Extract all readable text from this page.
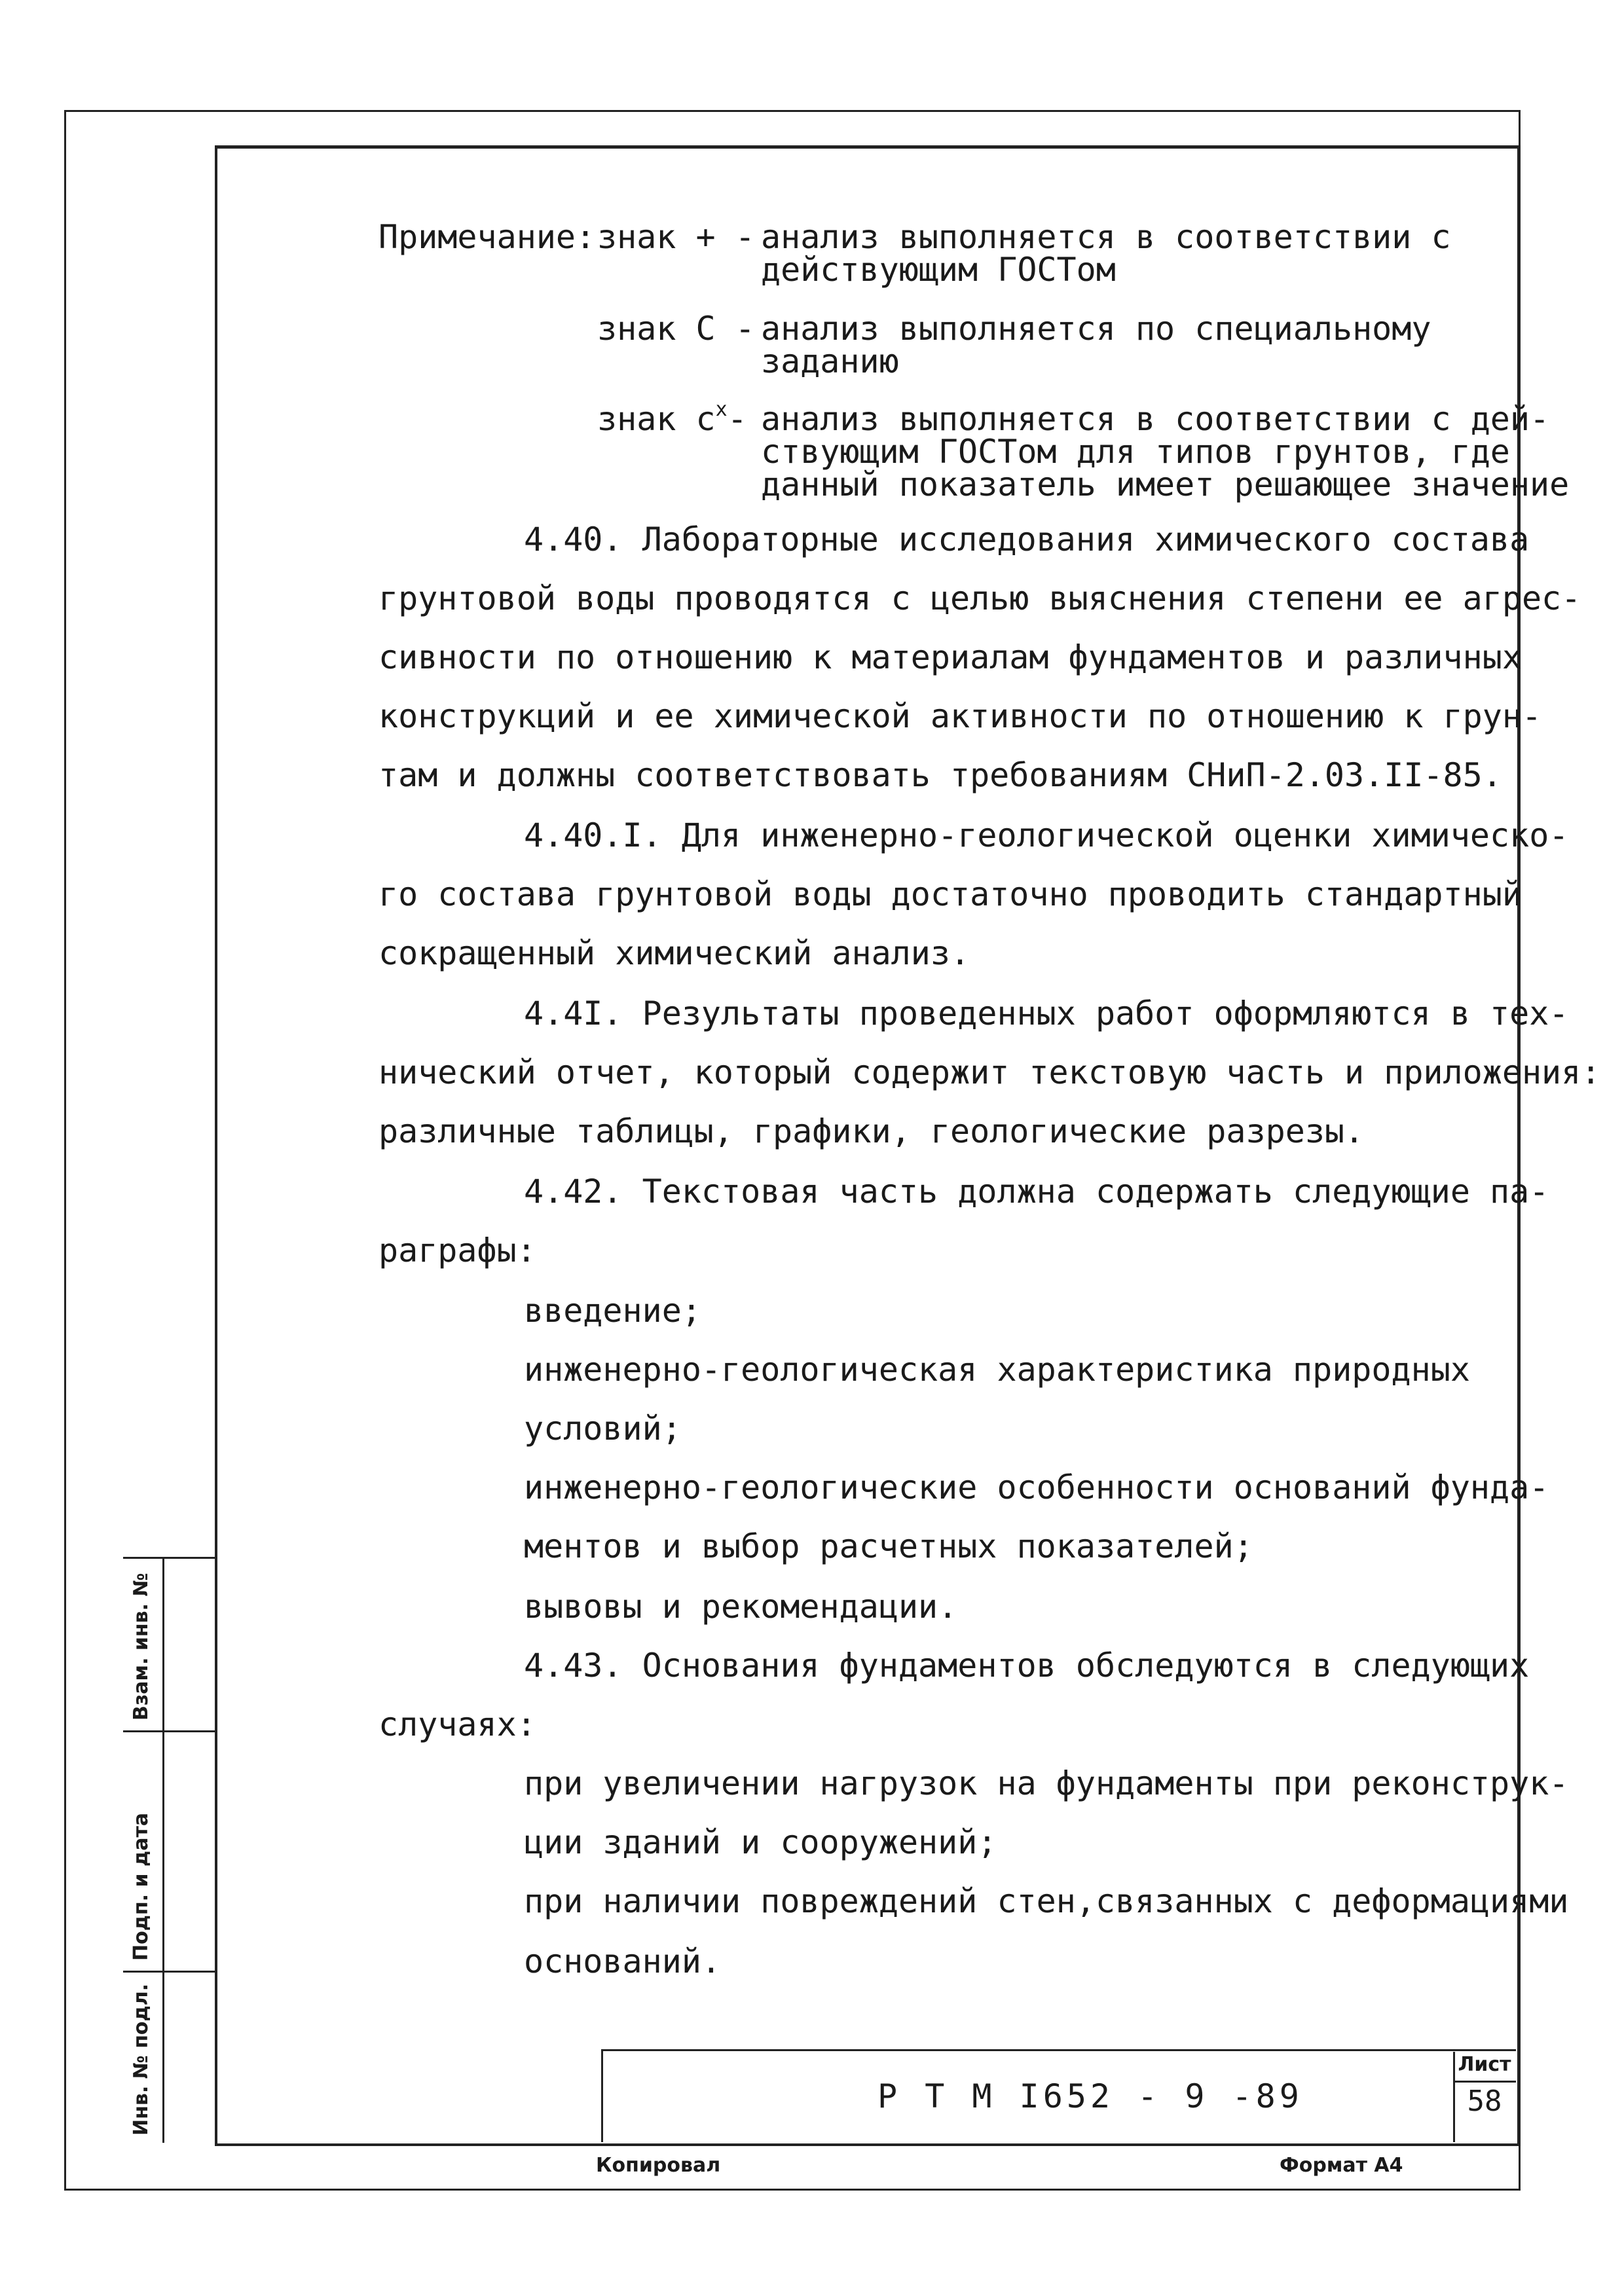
Примечание: знак + - анализ выполняется в соответствии с
действующим ГОСТом
знак С - анализ выполняется по специальному
заданию
знак $с^х-$ анализ выполняется в соответствии с дей-
ствующим ГОСТом для типов грунтов, где
данный показатель имеет решающее значение
4.40. Лабораторные исследования химического состава
грунтовой воды проводятся с целью выяснения степени ее агрес-
сивности по отношению к материалам фундаментов и различных
конструкций и ее химической активности по отношению к грун-
там и должны соответствовать требованиям СНиП-2.03.II-85.
4.40.I. Для инженерно-геологической оценки химическо-
го состава грунтовой воды достаточно проводить стандартный
сокращенный химический анализ.
4.4I. Результаты проведенных работ оформляются в тех-
нический отчет, который содержит текстовую часть и приложения:
различные таблицы, графики, геологические разрезы.
4.42. Текстовая часть должна содержать следующие па-
раграфы:
введение;
инженерно-геологическая характеристика природных
условий;
инженерно-геологические особенности оснований фунда-
ментов и выбор расчетных показателей;
вывовы и рекомендации.
4.43. Основания фундаментов обследуются в следующих
случаях:
при увеличении нагрузок на фундаменты при реконструк-
ции зданий и сооружений;
при наличии повреждений стен,связанных с деформациями
оснований.
Взам. инв. №
Подп. и дата
Инв. № подл.	Лист
58
Р Т М I652 - 9 -89
Копировал	Формат А4
